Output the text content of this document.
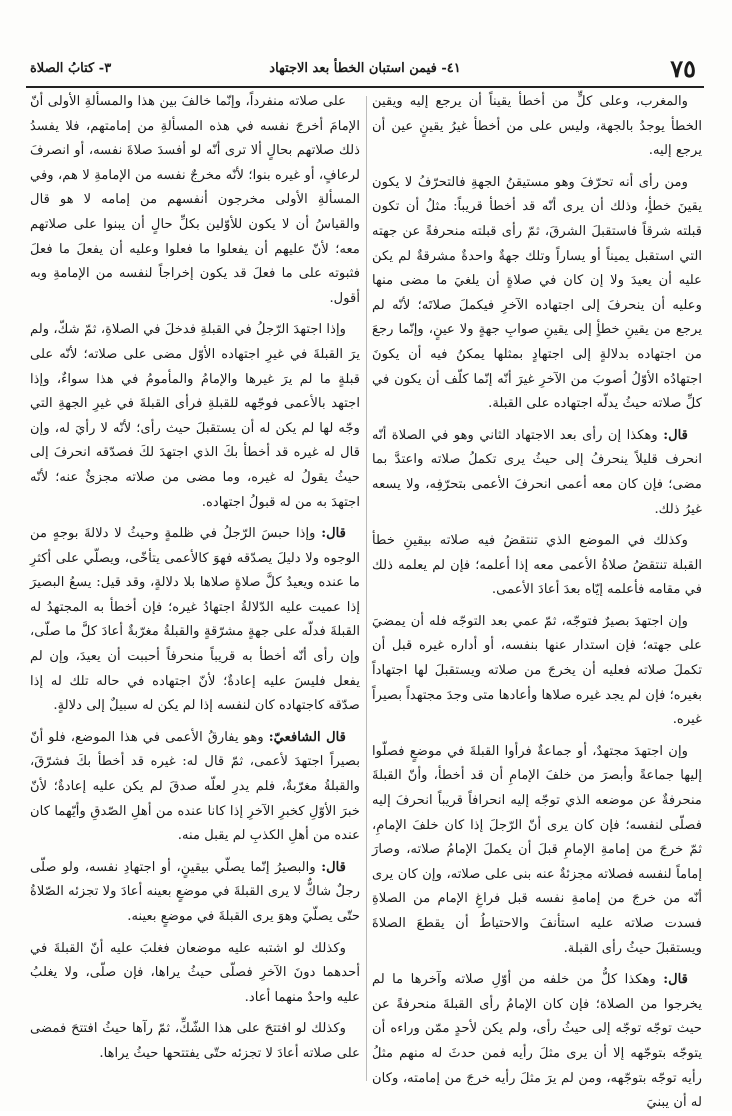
٧٥
٤١- فيمن استبان الخطأ بعد الاجتهاد
٣- كتابُ الصلاة

والمغرب، وعلى كلٍّ من أخطأ يقيناً أن يرجع إليه ويقين الخطأ يوجدُ بالجهة، وليس على من أخطأ غيرُ يقينٍ عين أن يرجع إليه.

ومن رأى أنه تحرّفَ وهو مستيقنُ الجهةِ فالتحرّفُ لا يكون يقينَ خطأٍ، وذلك أن يرى أنّه قد أخطأ قريباً: مثلُ أن تكون قبلته شرقاً فاستقبلَ الشرقَ، ثمّ رأى قبلته منحرفةً عن جهته التي استقبل يميناً أو يساراً وتلك جهةٌ واحدةٌ مشرقةٌ لم يكن عليه أن يعيدَ ولا إن كان في صلاةٍ أن يلغيَ ما مضى منها وعليه أن ينحرفَ إلى اجتهاده الآخرِ فيكملَ صلاتَه؛ لأنّه لم يرجع من يقينِ خطأٍ إلى يقينِ صوابِ جهةٍ ولا عينٍ، وإنّما رجعَ من اجتهاده بدلالةٍ إلى اجتهادٍ بمثلها يمكنُ فيه أن يكونَ اجتهادُه الأوّلُ أصوبَ من الآخرِ غيرَ أنّه إنّما كلّف أن يكون في كلِّ صلاته حيثُ يدلّه اجتهاده على القبلة.

قال: وهكذا إن رأى بعد الاجتهاد الثاني وهو في الصلاة أنّه انحرف قليلاً ينحرفُ إلى حيثُ يرى تكملُ صلاته واعتدَّ بما مضى؛ فإن كان معه أعمى انحرفَ الأعمى بتحرّفِه، ولا يسعه غيرُ ذلك.

وكذلك في الموضع الذي تنتقضُ فيه صلاته بيقينِ خطأ القبلة تنتقضُ صلاةُ الأعمى معه إذا أعلمه؛ فإن لم يعلمه ذلك في مقامه فأعلمه إيّاه بعدَ أعادَ الأعمى.

وإن اجتهدَ بصيرٌ فتوجّه، ثمّ عمي بعد التوجّه فله أن يمضيَ على جهته؛ فإن استدار عنها بنفسه، أو أداره غيره قبل أن تكملَ صلاته فعليه أن يخرجَ من صلاته ويستقبلَ لها اجتهاداً بغيره؛ فإن لم يجد غيره صلاها وأعادها متى وجدَ مجتهداً بصيراً غيره.

وإن اجتهدَ مجتهدٌ، أو جماعةٌ فرأوا القبلةَ في موضعٍ فصلّوا إليها جماعةً وأبصرَ من خلفَ الإمامِ أن قد أخطأ، وأنّ القبلةَ منحرفةٌ عن موضعه الذي توجّه إليه انحرافاً قريباً انحرفَ إليه فصلّى لنفسه؛ فإن كان يرى أنّ الرّجلَ إذا كان خلفَ الإمامِ، ثمّ خرجَ من إمامةِ الإمامِ قبلَ أن يكملَ الإمامُ صلاته، وصارَ إماماً لنفسه فصلاته مجزئةٌ عنه بنى على صلاته، وإن كان يرى أنّه من خرجَ من إمامةِ نفسه قبل فراغِ الإمام من الصلاةِ فسدت صلاته عليه استأنفَ والاحتياطُ أن يقطعَ الصلاةَ ويستقبلَ حيثُ رأى القبلة.

قال: وهكذا كلُّ من خلفه من أوّلِ صلاته وآخرها ما لم يخرجوا من الصلاة؛ فإن كان الإمامُ رأى القبلةَ منحرفةً عن حيث توجّه توجّه إلى حيثُ رأى، ولم يكن لأحدٍ ممّن وراءه أن يتوجّه بتوجّهه إلا أن يرى مثلَ رأيه فمن حدثَ له منهم مثلُ رأيه توجّه بتوجّهه، ومن لم يرَ مثلَ رأيه خرجَ من إمامته، وكان له أن يبنيَ

على صلاته منفرداً، وإنّما خالفَ بين هذا والمسألةِ الأولى أنّ الإمامَ أخرجَ نفسه في هذه المسألةِ من إمامتهم، فلا يفسدُ ذلك صلاتهم بحالٍ ألا ترى أنّه لو أفسدَ صلاةَ نفسه، أو انصرفَ لرعافٍ، أو غيره بنوا؛ لأنّه مخرجٌ نفسه من الإمامةِ لا هم، وفي المسألةِ الأولى مخرجون أنفسهم من إمامه لا هو قال والقياسُ أن لا يكون للأوّلين بكلِّ حالٍ أن يبنوا على صلاتهم معه؛ لأنّ عليهم أن يفعلوا ما فعلوا وعليه أن يفعلَ ما فعلَ فثبوته على ما فعلَ قد يكون إخراجاً لنفسه من الإمامةِ وبه أقول.

وإذا اجتهدَ الرّجلُ في القبلةِ فدخلَ في الصلاةِ، ثمّ شكّ، ولم يرَ القبلةَ في غيرِ اجتهاده الأوّل مضى على صلاته؛ لأنّه على قبلةٍ ما لم يرَ غيرها والإمامُ والمأمومُ في هذا سواءٌ، وإذا اجتهد بالأعمى فوجّهه للقبلةِ فرأى القبلةَ في غيرِ الجهةِ التي وجّه لها لم يكن له أن يستقبلَ حيث رأى؛ لأنّه لا رأيَ له، وإن قال له غيره قد أخطأ بكَ الذي اجتهدَ لكَ فصدّقه انحرفَ إلى حيثُ يقولُ له غيره، وما مضى من صلاته مجزئٌ عنه؛ لأنّه اجتهدَ به من له قبولُ اجتهاده.

قال: وإذا حبسَ الرّجلُ في ظلمةٍ وحيثُ لا دلالةَ بوجهٍ من الوجوه ولا دليلَ يصدّقه فهوَ كالأعمى يتأخّى، ويصلّي على أكثرِ ما عنده ويعيدُ كلَّ صلاةٍ صلاها بلا دلالةٍ، وقد قيل: يسعُ البصيرَ إذا عميت عليه الدّلالةُ اجتهادُ غيره؛ فإن أخطأ به المجتهدُ له القبلةَ فدلّه على جهةٍ مشرّقةٍ والقبلةُ مغرّبةٌ أعادَ كلَّ ما صلّى، وإن رأى أنّه أخطأ به قريباً منحرفاً أحببت أن يعيدَ، وإن لم يفعل فليسَ عليه إعادةٌ؛ لأنّ اجتهاده في حاله تلك له إذا صدّقه كاجتهاده كان لنفسه إذا لم يكن له سبيلٌ إلى دلالةٍ.

قال الشافعيّ: وهو يفارقُ الأعمى في هذا الموضع، فلو أنّ بصيراً اجتهدَ لأعمى، ثمّ قال له: غيره قد أخطأ بكَ فشرّقَ، والقبلةُ مغرّبةٌ، فلم يدرِ لعلّه صدقَ لم يكن عليه إعادةٌ؛ لأنّ خبرَ الأوّلِ كخبرِ الآخرِ إذا كانا عنده من أهلِ الصّدقِ وأيّهما كان عنده من أهلِ الكذبِ لم يقبل منه.

قال: والبصيرُ إنّما يصلّي بيقينٍ، أو اجتهادِ نفسه، ولو صلّى رجلٌ شاكٌّ لا يرى القبلةَ في موضعٍ بعينه أعادَ ولا تجزئه الصّلاةُ حتّى يصلّيَ وهوَ يرى القبلةَ في موضعٍ بعينه.

وكذلك لو اشتبه عليه موضعان فغلبَ عليه أنّ القبلةَ في أحدهما دونَ الآخرِ فصلّى حيثُ يراها، فإن صلّى، ولا يغلبُ عليه واحدٌ منهما أعاد.

وكذلك لو افتتحَ على هذا الشّكِّ، ثمّ رآها حيثُ افتتحَ فمضى على صلاته أعادَ لا تجزئه حتّى يفتتحها حيثُ يراها.
